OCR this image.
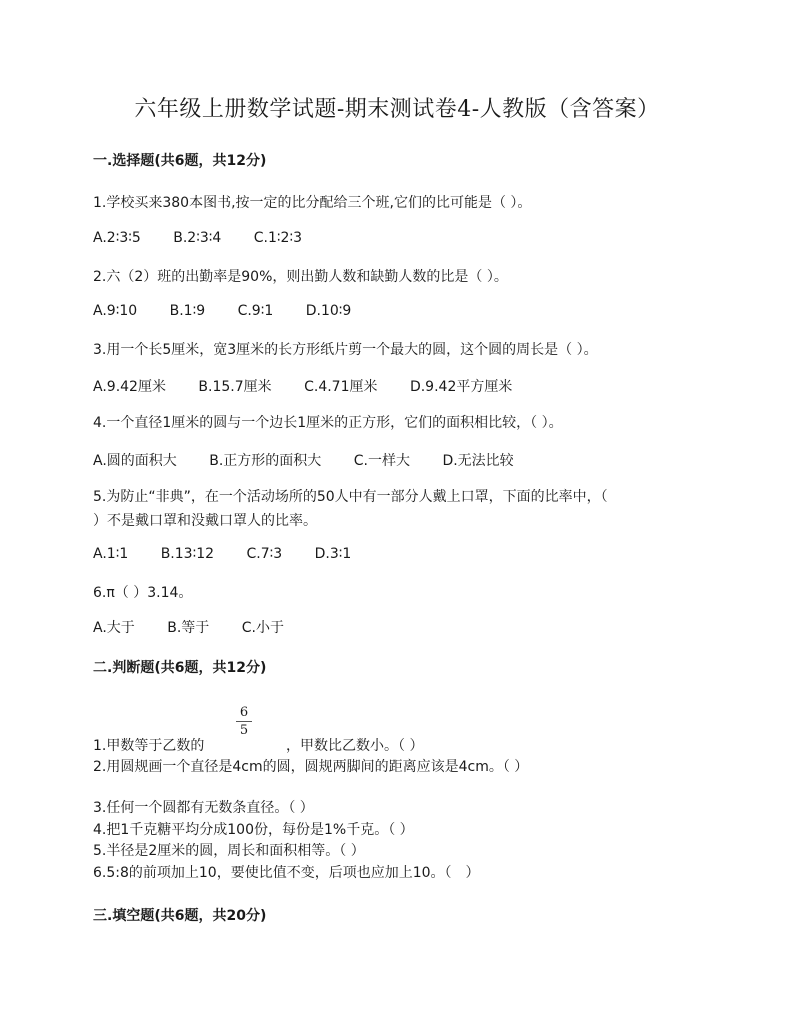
六年级上册数学试题-期末测试卷4-人教版（含答案）
一.选择题(共6题，共12分)
1.学校买来380本图书,按一定的比分配给三个班,它们的比可能是（ ）。
A.2∶3∶5 B.2∶3∶4 C.1∶2∶3
2.六（2）班的出勤率是90%，则出勤人数和缺勤人数的比是（ ）。
A.9∶10 B.1∶9 C.9∶1 D.10∶9
3.用一个长5厘米，宽3厘米的长方形纸片剪一个最大的圆，这个圆的周长是（ ）。
A.9.42厘米 B.15.7厘米 C.4.71厘米 D.9.42平方厘米
4.一个直径1厘米的圆与一个边长1厘米的正方形，它们的面积相比较，（ ）。
A.圆的面积大 B.正方形的面积大 C.一样大 D.无法比较
5.为防止“非典”，在一个活动场所的50人中有一部分人戴上口罩，下面的比率中，（
）不是戴口罩和没戴口罩人的比率。
A.1∶1 B.13∶12 C.7∶3 D.3∶1
6.π（ ）3.14。
A.大于 B.等于 C.小于
二.判断题(共6题，共12分)
6
5
1.甲数等于乙数的	，甲数比乙数小。（ ）
2.用圆规画一个直径是4cm的圆，圆规两脚间的距离应该是4cm。（ ）
3.任何一个圆都有无数条直径。（ ）
4.把1千克糖平均分成100份，每份是1%千克。（ ）
5.半径是2厘米的圆，周长和面积相等。（ ）
6.5:8的前项加上10，要使比值不变，后项也应加上10。（　）
三.填空题(共6题，共20分)
